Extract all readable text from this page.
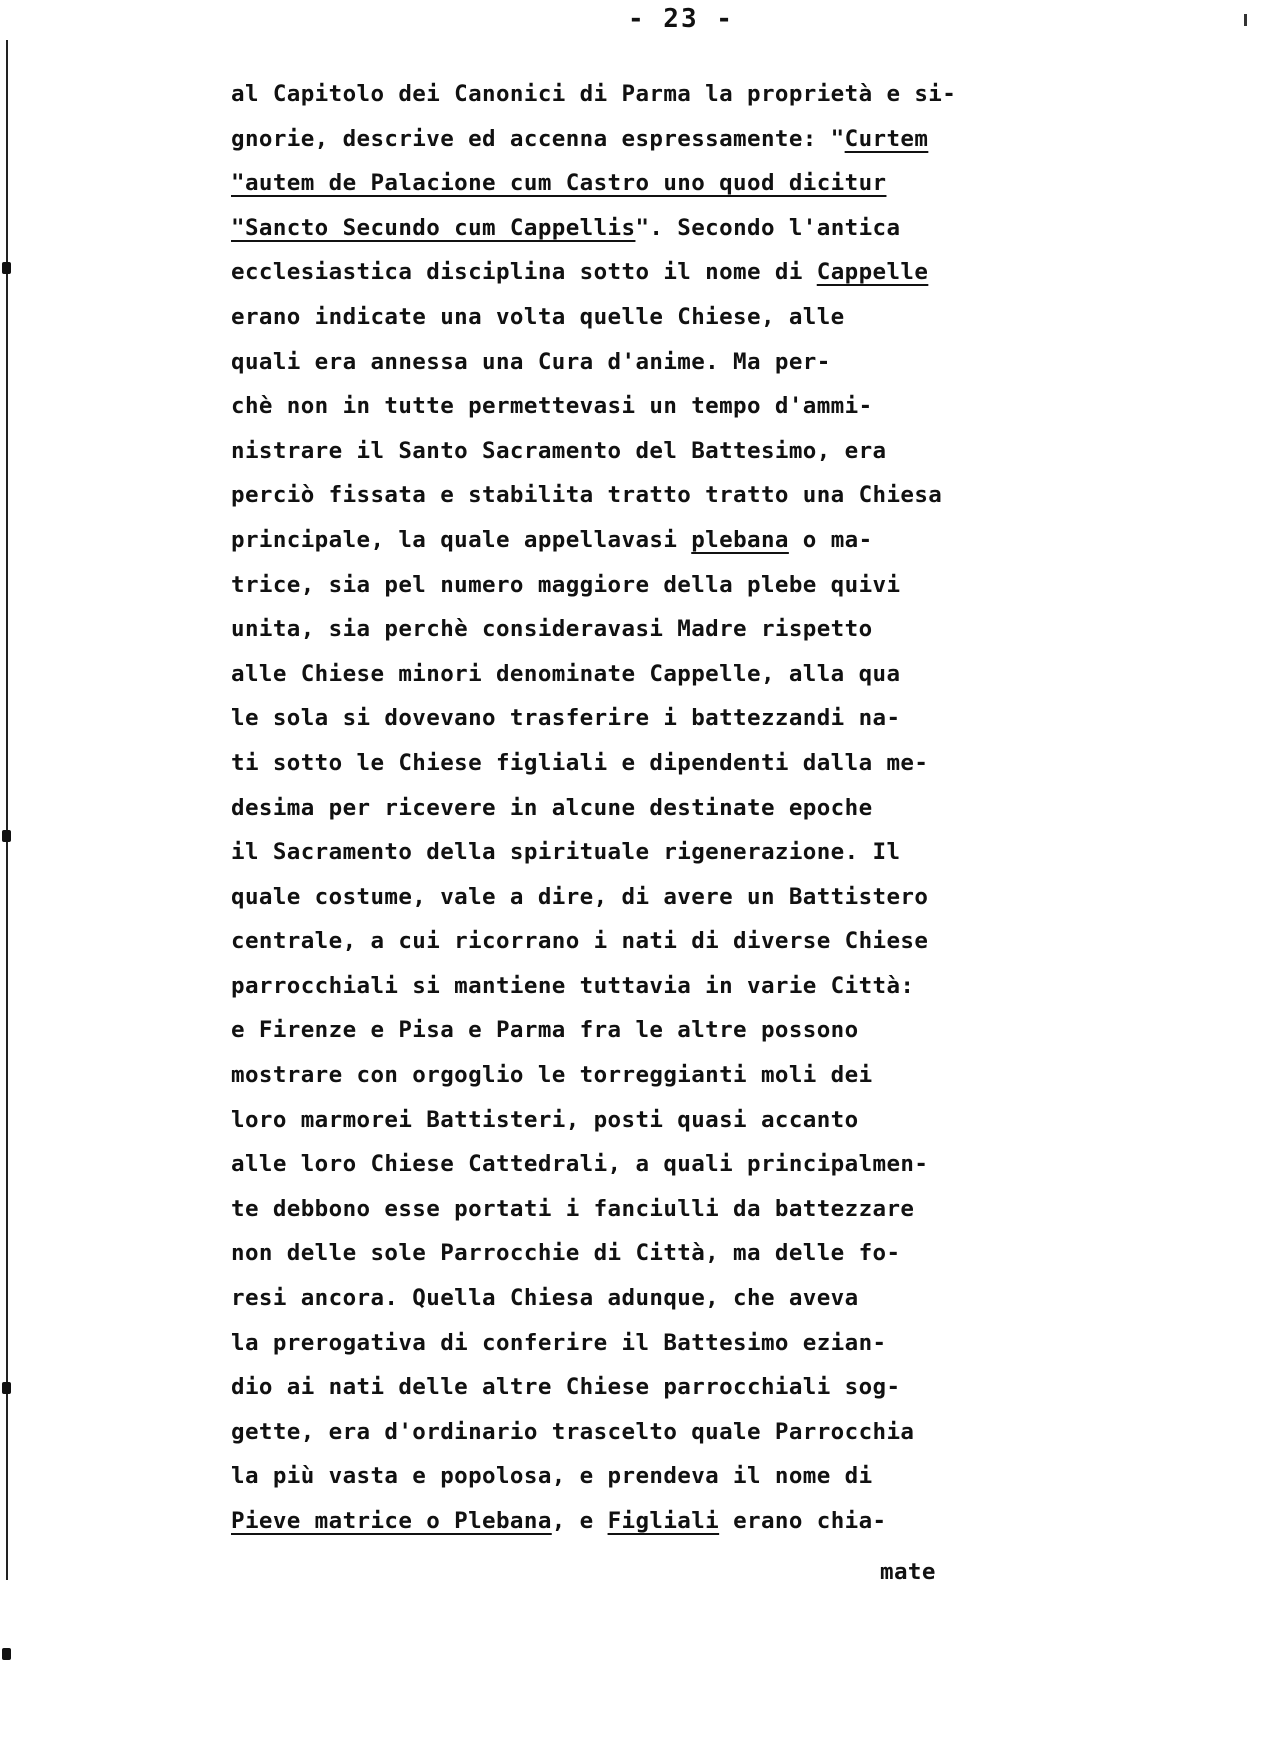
- 23 -
al Capitolo dei Canonici di Parma la proprietà e si-
gnorie, descrive ed accenna espressamente: "Curtem
"autem de Palacione cum Castro uno quod dicitur
"Sancto Secundo cum Cappellis". Secondo l'antica
ecclesiastica disciplina sotto il nome di Cappelle
erano indicate una volta quelle Chiese, alle
quali era annessa una Cura d'anime. Ma per-
chè non in tutte permettevasi un tempo d'ammi-
nistrare il Santo Sacramento del Battesimo, era
perciò fissata e stabilita tratto tratto una Chiesa
principale, la quale appellavasi plebana o ma-
trice, sia pel numero maggiore della plebe quivi
unita, sia perchè consideravasi Madre rispetto
alle Chiese minori denominate Cappelle, alla qua
le sola si dovevano trasferire i battezzandi na-
ti sotto le Chiese figliali e dipendenti dalla me-
desima per ricevere in alcune destinate epoche
il Sacramento della spirituale rigenerazione. Il
quale costume, vale a dire, di avere un Battistero
centrale, a cui ricorrano i nati di diverse Chiese
parrocchiali si mantiene tuttavia in varie Città:
e Firenze e Pisa e Parma fra le altre possono
mostrare con orgoglio le torreggianti moli dei
loro marmorei Battisteri, posti quasi accanto
alle loro Chiese Cattedrali, a quali principalmen-
te debbono esse portati i fanciulli da battezzare
non delle sole Parrocchie di Città, ma delle fo-
resi ancora. Quella Chiesa adunque, che aveva
la prerogativa di conferire il Battesimo ezian-
dio ai nati delle altre Chiese parrocchiali sog-
gette, era d'ordinario trascelto quale Parrocchia
la più vasta e popolosa, e prendeva il nome di
Pieve matrice o Plebana, e Figliali erano chia-
mate
